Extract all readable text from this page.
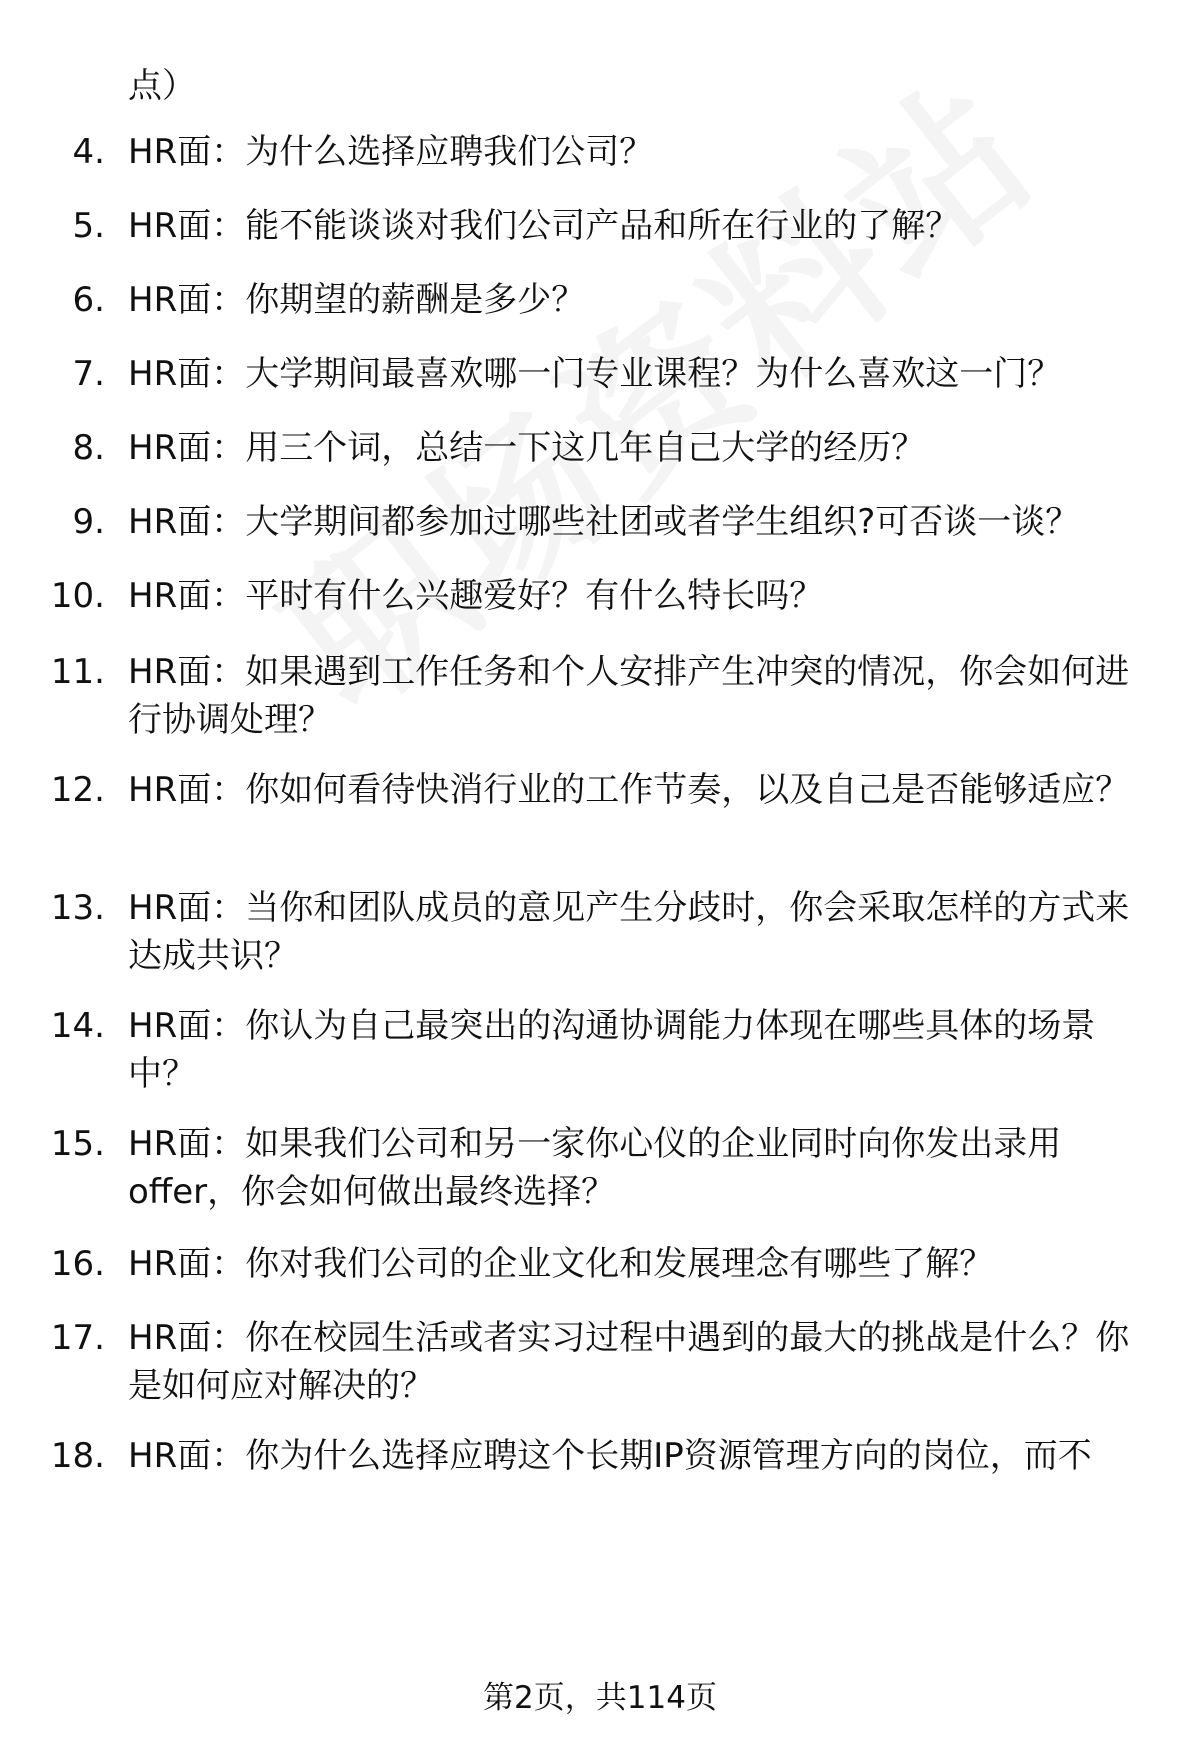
点）
4. HR面：为什么选择应聘我们公司？
5. HR面：能不能谈谈对我们公司产品和所在行业的了解？
6. HR面：你期望的薪酬是多少？
7. HR面：大学期间最喜欢哪一门专业课程？为什么喜欢这一门？
8. HR面：用三个词，总结一下这几年自己大学的经历？
9. HR面：大学期间都参加过哪些社团或者学生组织?可否谈一谈？
10. HR面：平时有什么兴趣爱好？有什么特长吗？
11. HR面：如果遇到工作任务和个人安排产生冲突的情况，你会如何进行协调处理？
12. HR面：你如何看待快消行业的工作节奏，以及自己是否能够适应？
13. HR面：当你和团队成员的意见产生分歧时，你会采取怎样的方式来达成共识？
14. HR面：你认为自己最突出的沟通协调能力体现在哪些具体的场景中？
15. HR面：如果我们公司和另一家你心仪的企业同时向你发出录用offer，你会如何做出最终选择？
16. HR面：你对我们公司的企业文化和发展理念有哪些了解？
17. HR面：你在校园生活或者实习过程中遇到的最大的挑战是什么？你是如何应对解决的？
18. HR面：你为什么选择应聘这个长期IP资源管理方向的岗位，而不
第2页，共114页
